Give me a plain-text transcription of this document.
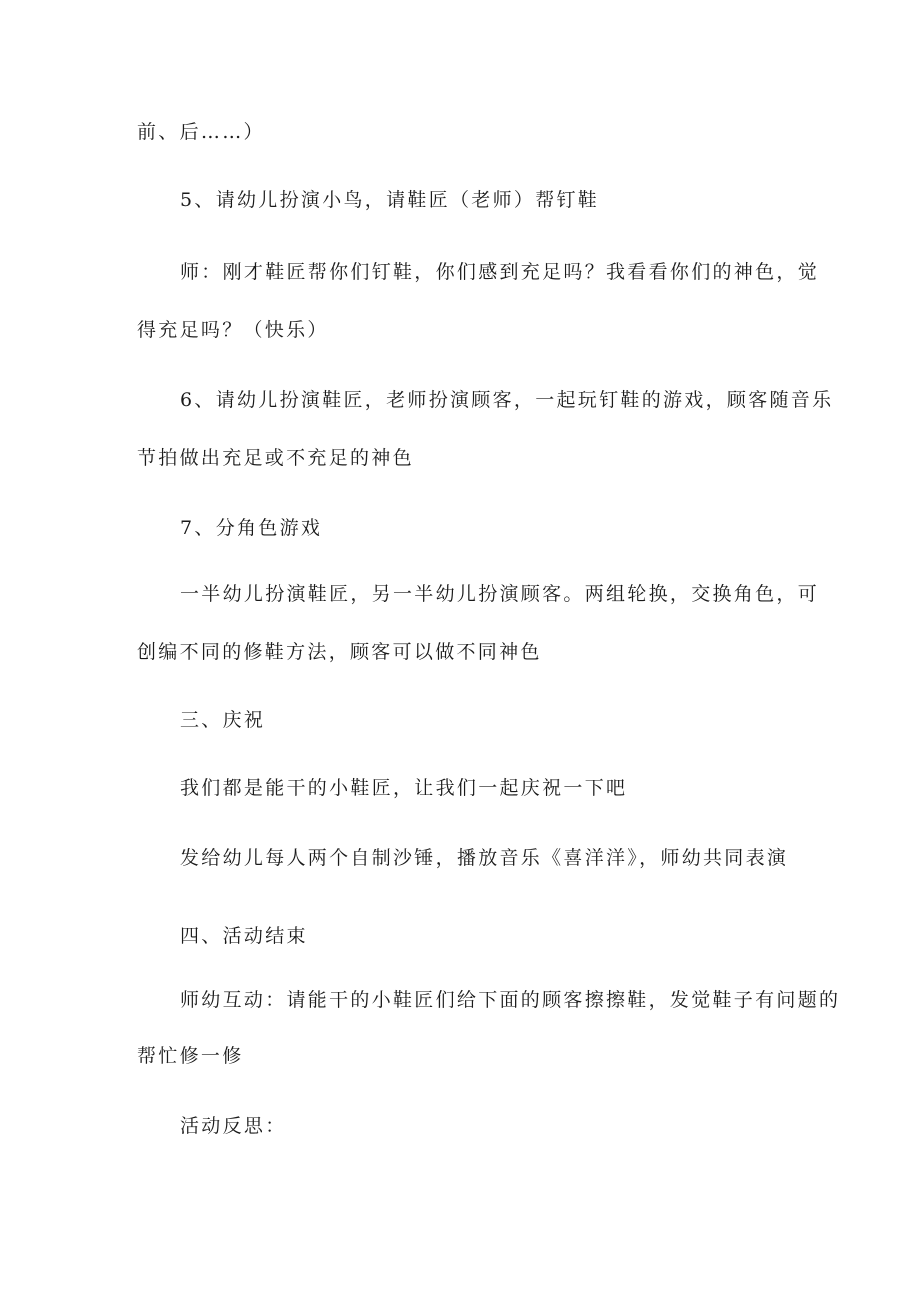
前、后……）
5、请幼儿扮演小鸟，请鞋匠（老师）帮钉鞋
师：刚才鞋匠帮你们钉鞋，你们感到充足吗？我看看你们的神色，觉
得充足吗？（快乐）
6、请幼儿扮演鞋匠，老师扮演顾客，一起玩钉鞋的游戏，顾客随音乐
节拍做出充足或不充足的神色
7、分角色游戏
一半幼儿扮演鞋匠，另一半幼儿扮演顾客。两组轮换，交换角色，可
创编不同的修鞋方法，顾客可以做不同神色
三、庆祝
我们都是能干的小鞋匠，让我们一起庆祝一下吧
发给幼儿每人两个自制沙锤，播放音乐《喜洋洋》，师幼共同表演
四、活动结束
师幼互动：请能干的小鞋匠们给下面的顾客擦擦鞋，发觉鞋子有问题的
帮忙修一修
活动反思：
